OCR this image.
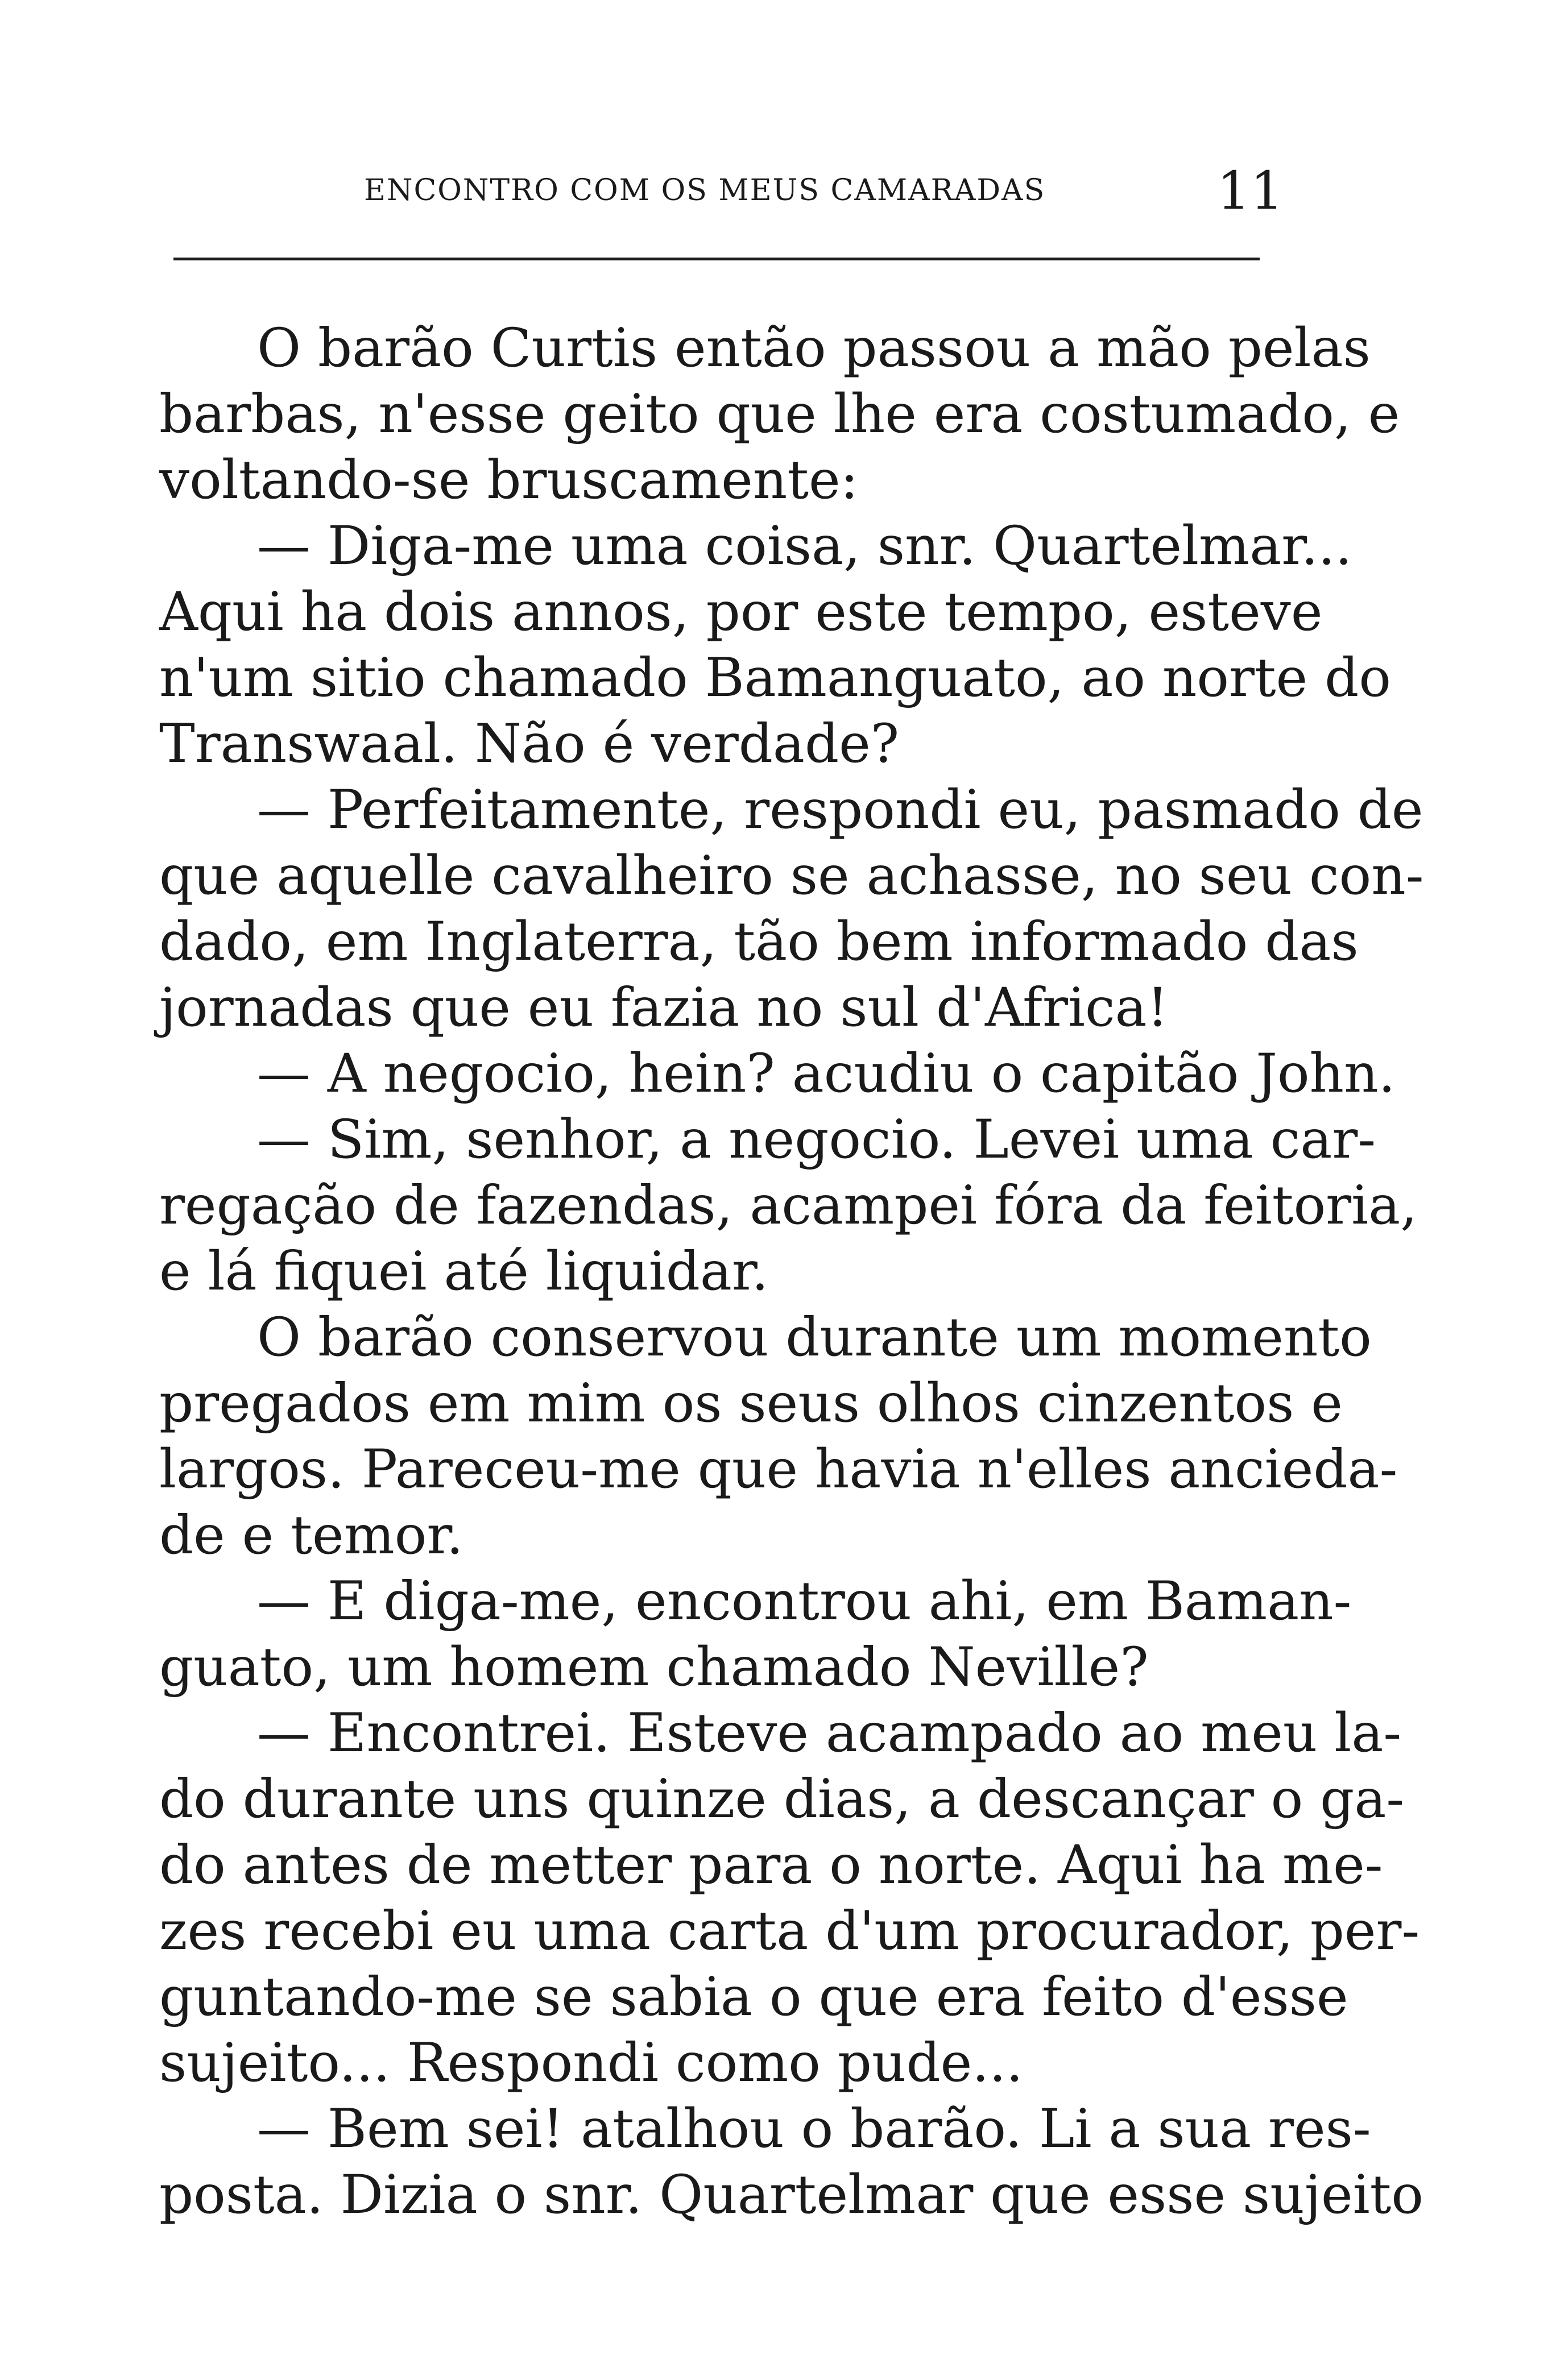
ENCONTRO COM OS MEUS CAMARADAS	11
O barão Curtis então passou a mão pelas
barbas, n'esse geito que lhe era costumado, e
voltando-se bruscamente:
— Diga-me uma coisa, snr. Quartelmar...
Aqui ha dois annos, por este tempo, esteve
n'um sitio chamado Bamanguato, ao norte do
Transwaal. Não é verdade?
— Perfeitamente, respondi eu, pasmado de
que aquelle cavalheiro se achasse, no seu con-
dado, em Inglaterra, tão bem informado das
jornadas que eu fazia no sul d'Africa!
— A negocio, hein? acudiu o capitão John.
— Sim, senhor, a negocio. Levei uma car-
regação de fazendas, acampei fóra da feitoria,
e lá fiquei até liquidar.
O barão conservou durante um momento
pregados em mim os seus olhos cinzentos e
largos. Pareceu-me que havia n'elles ancieda-
de e temor.
— E diga-me, encontrou ahi, em Baman-
guato, um homem chamado Neville?
— Encontrei. Esteve acampado ao meu la-
do durante uns quinze dias, a descançar o ga-
do antes de metter para o norte. Aqui ha me-
zes recebi eu uma carta d'um procurador, per-
guntando-me se sabia o que era feito d'esse
sujeito... Respondi como pude...
— Bem sei! atalhou o barão. Li a sua res-
posta. Dizia o snr. Quartelmar que esse sujeito
